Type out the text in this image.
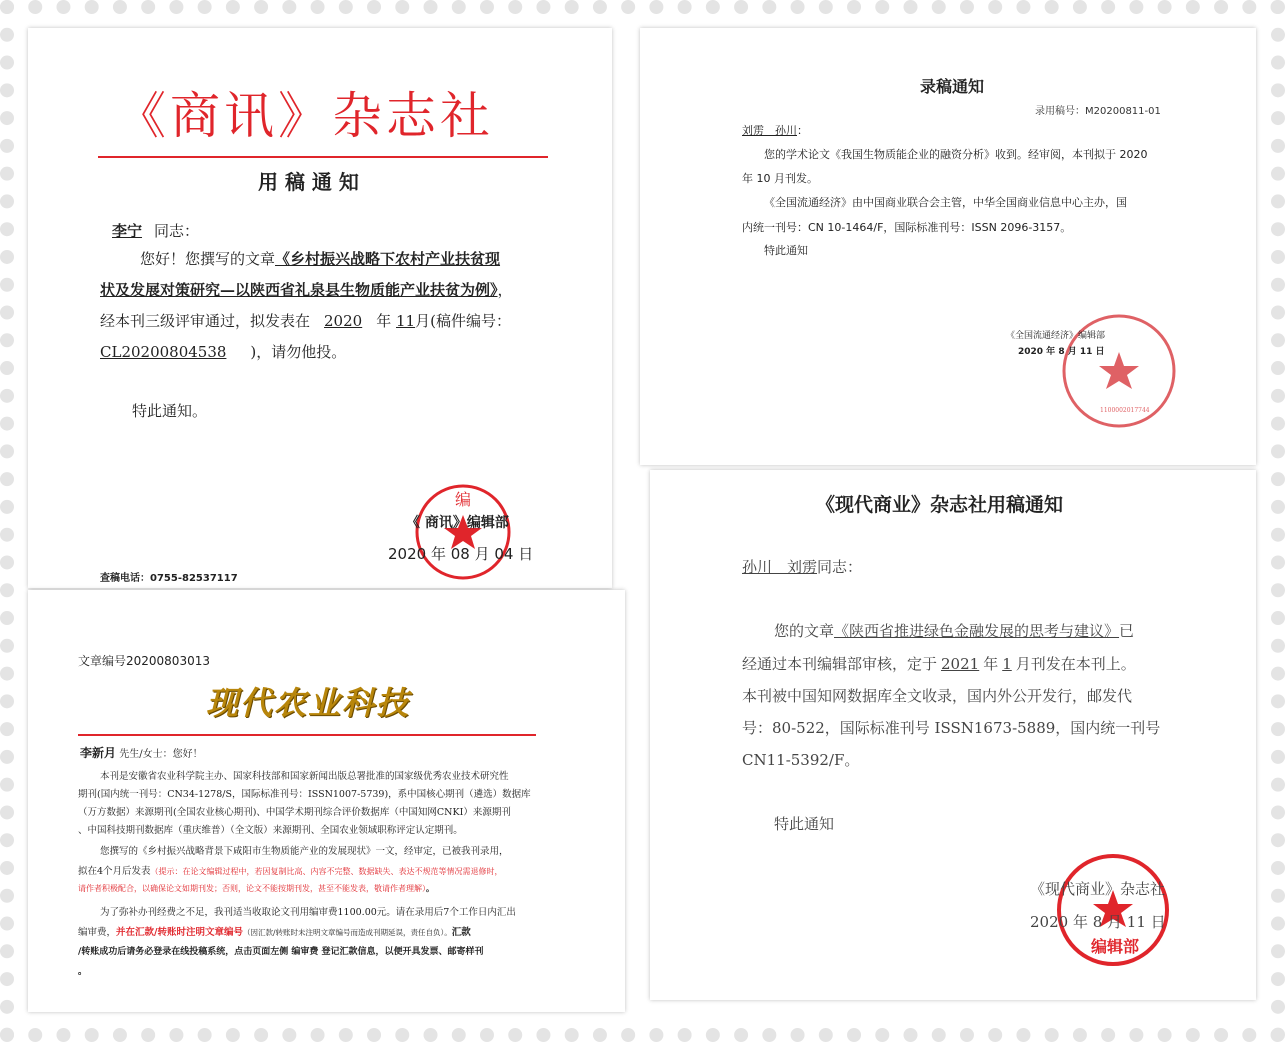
《商讯》杂志社
用 稿 通 知

李宁 同志：

您好！您撰写的文章《乡村振兴战略下农村产业扶贫现

状及发展对策研究—以陕西省礼泉县生物质能产业扶贫为例》，

经本刊三级评审通过，拟发表在 2020 年 11月(稿件编号：

CL20200804538 )，请勿他投。

特此通知。

编
《 商讯》编辑部
2020 年 08 月 04 日
查稿电话：0755-82537117
录稿通知
录用稿号：M20200811-01

刘雳　孙川：

您的学术论文《我国生物质能企业的融资分析》收到。经审阅，本刊拟于 2020

年 10 月刊发。

《全国流通经济》由中国商业联合会主管，中华全国商业信息中心主办，国

内统一刊号：CN 10-1464/F，国际标准刊号：ISSN 2096-3157。

特此通知

1100002017744
《全国流通经济》编辑部
2020 年 8 月 11 日
文章编号20200803013
现代农业科技

李新月 先生/女士：您好！

本刊是安徽省农业科学院主办、国家科技部和国家新闻出版总署批准的国家级优秀农业技术研究性

期刊(国内统一刊号：CN34-1278/S，国际标准刊号：ISSN1007-5739)，系中国核心期刊（遴选）数据库

（万方数据）来源期刊(全国农业核心期刊)、中国学术期刊综合评价数据库（中国知网CNKI）来源期刊

、中国科技期刊数据库（重庆维普）（全文版）来源期刊、全国农业领域职称评定认定期刊。

您撰写的《乡村振兴战略背景下咸阳市生物质能产业的发展现状》一文，经审定，已被我刊录用，

拟在4个月后发表（提示：在论文编辑过程中，若因复制比高、内容不完整、数据缺失、表达不规范等情况需退修时，

请作者积极配合，以确保论文如期刊发；否则，论文不能按期刊发，甚至不能发表，敬请作者理解）。

为了弥补办刊经费之不足，我刊适当收取论文刊用编审费1100.00元。请在录用后7个工作日内汇出

编审费，并在汇款/转账时注明文章编号（因汇款/转账时未注明文章编号而造成刊期延误，责任自负）。汇款

/转账成功后请务必登录在线投稿系统，点击页面左侧 编审费 登记汇款信息，以便开具发票、邮寄样刊

。

《现代商业》杂志社用稿通知

孙川　刘雳同志：

您的文章《陕西省推进绿色金融发展的思考与建议》已

经通过本刊编辑部审核，定于 2021 年 1 月刊发在本刊上。

本刊被中国知网数据库全文收录，国内外公开发行，邮发代

号：80-522，国际标准刊号 ISSN1673-5889，国内统一刊号

CN11-5392/F。

特此通知

编辑部
《现代商业》杂志社
2020 年 8 月 11 日
